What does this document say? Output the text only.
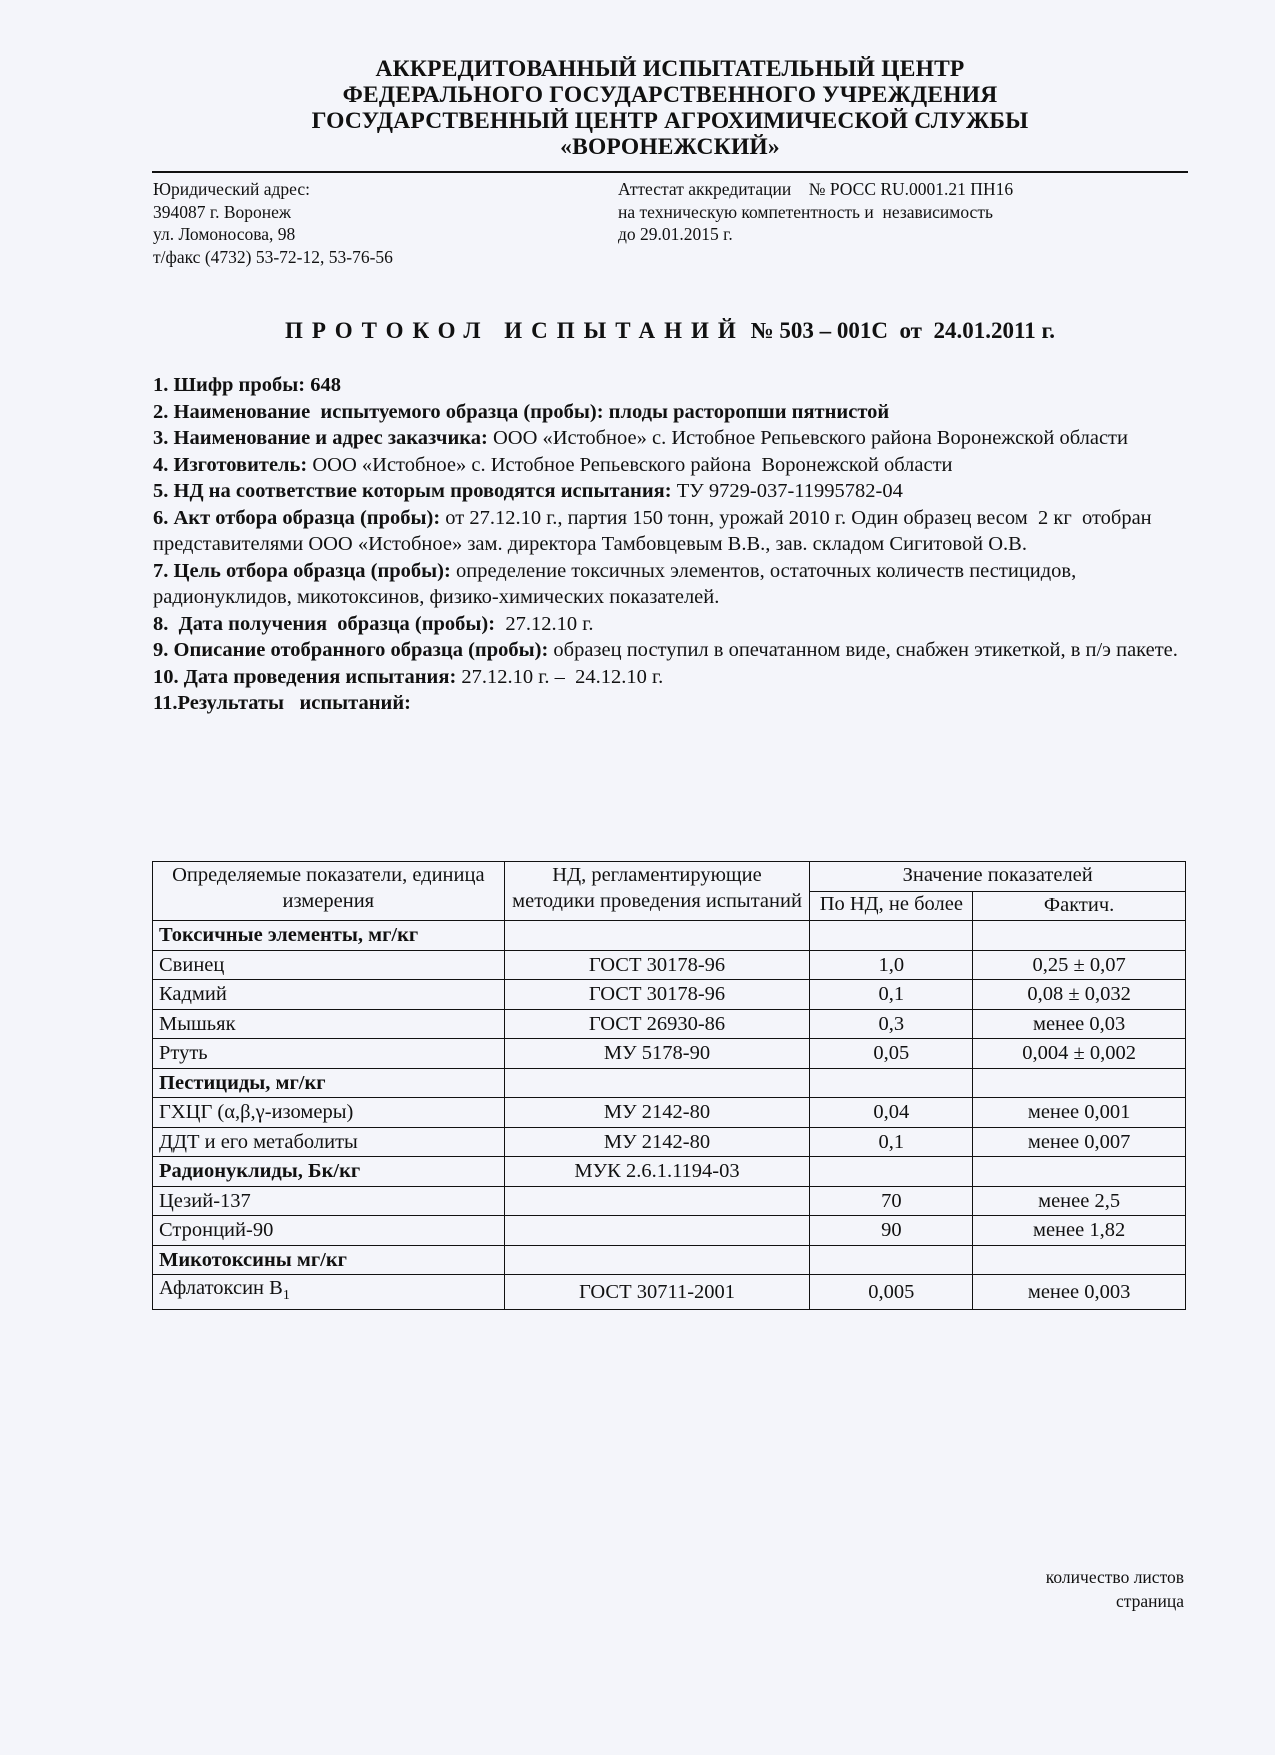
АККРЕДИТОВАННЫЙ ИСПЫТАТЕЛЬНЫЙ ЦЕНТР
ФЕДЕРАЛЬНОГО ГОСУДАРСТВЕННОГО УЧРЕЖДЕНИЯ
ГОСУДАРСТВЕННЫЙ ЦЕНТР АГРОХИМИЧЕСКОЙ СЛУЖБЫ
«ВОРОНЕЖСКИЙ»
Юридический адрес:
394087 г. Воронеж
ул. Ломоносова, 98
т/факс (4732) 53-72-12, 53-76-56
Аттестат аккредитации    № РОСС RU.0001.21 ПН16
на техническую компетентность и  независимость
до 29.01.2015 г.
ПРОТОКОЛ ИСПЫТАНИЙ № 503 – 001С  от  24.01.2011 г.

1. Шифр пробы: 648

2. Наименование  испытуемого образца (пробы): плоды расторопши пятнистой

3. Наименование и адрес заказчика: ООО «Истобное» с. Истобное Репьевского района Воронежской области

4. Изготовитель: ООО «Истобное» с. Истобное Репьевского района  Воронежской области

5. НД на соответствие которым проводятся испытания: ТУ 9729-037-11995782-04

6. Акт отбора образца (пробы): от 27.12.10 г., партия 150 тонн, урожай 2010 г. Один образец весом  2 кг  отобран представителями ООО «Истобное» зам. директора Тамбовцевым В.В., зав. складом Сигитовой О.В.

7. Цель отбора образца (пробы): определение токсичных элементов, остаточных количеств пестицидов, радионуклидов, микотоксинов, физико-химических показателей.

8.  Дата получения  образца (пробы):  27.12.10 г.

9. Описание отобранного образца (пробы): образец поступил в опечатанном виде, снабжен этикеткой, в п/э пакете.

10. Дата проведения испытания: 27.12.10 г. –  24.12.10 г.

11.Результаты   испытаний:

Определяемые показатели, единица измерения	НД, регламентирующие методики проведения испытаний	Значение показателей	
		По НД, не более	Фактич.
Токсичные элементы, мг/кг			
Свинец	ГОСТ 30178-96	1,0	0,25 ± 0,07
Кадмий	ГОСТ 30178-96	0,1	0,08 ± 0,032
Мышьяк	ГОСТ 26930-86	0,3	менее 0,03
Ртуть	МУ 5178-90	0,05	0,004 ± 0,002
Пестициды, мг/кг			
ГХЦГ (α,β,γ-изомеры)	МУ 2142-80	0,04	менее 0,001
ДДТ и его метаболиты	МУ 2142-80	0,1	менее 0,007
Радионуклиды, Бк/кг	МУК 2.6.1.1194-03		
Цезий-137		70	менее 2,5
Стронций-90		90	менее 1,82
Микотоксины мг/кг			
Афлатоксин $В_1$	ГОСТ 30711-2001	0,005	менее 0,003
количество листов
страница
